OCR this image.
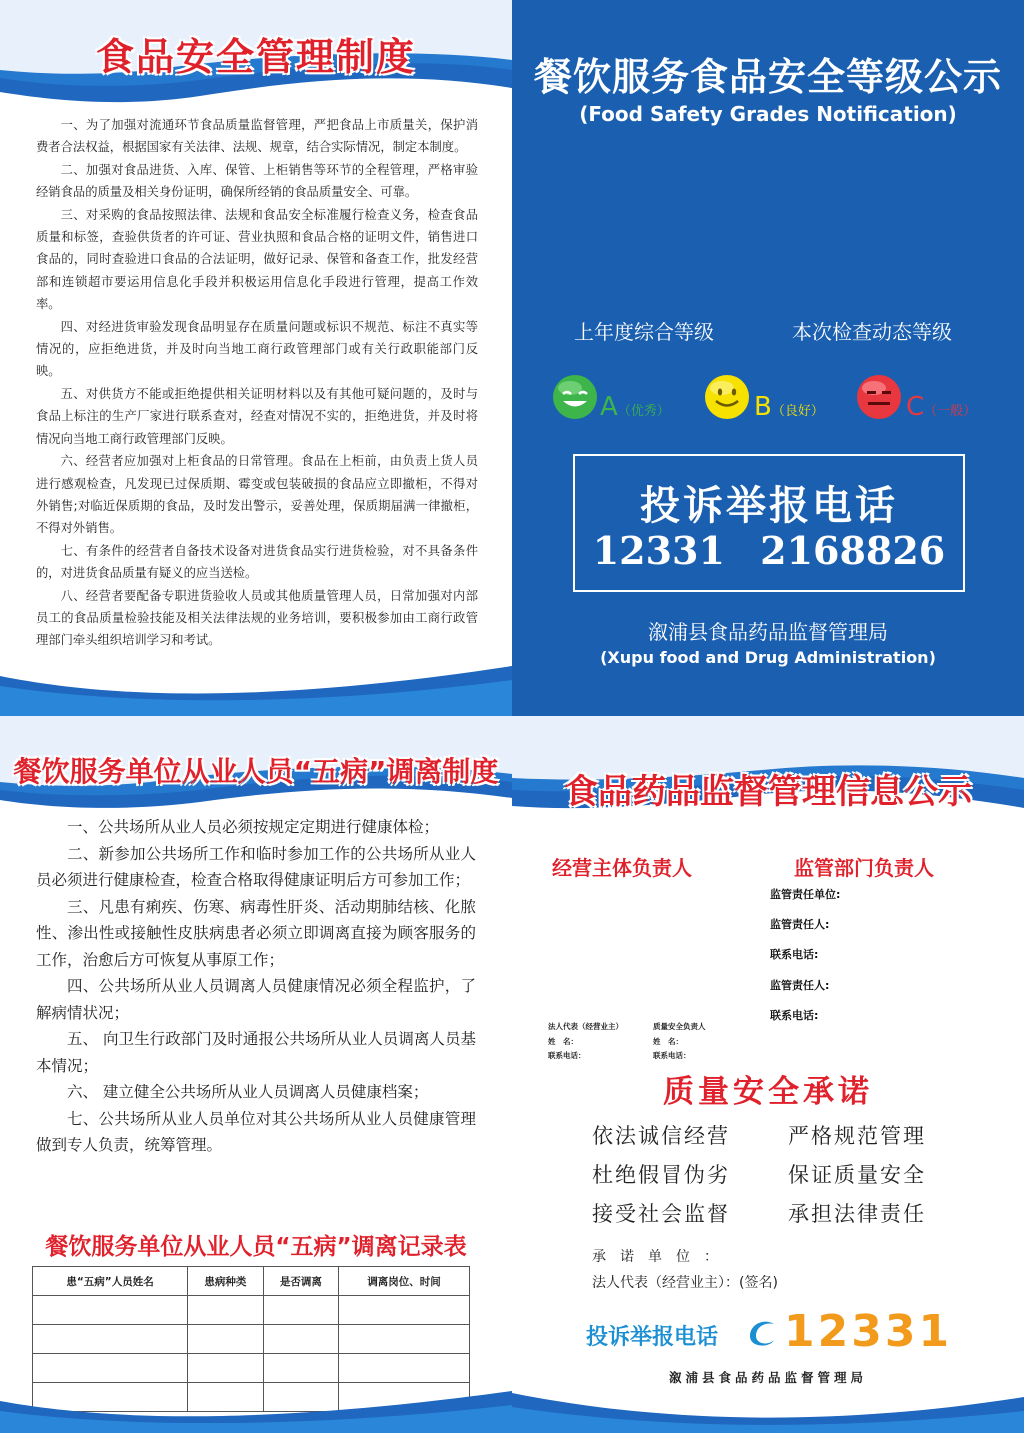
食品安全管理制度

一、为了加强对流通环节食品质量监督管理，严把食品上市质量关，保护消费者合法权益，根据国家有关法律、法规、规章，结合实际情况，制定本制度。

二、加强对食品进货、入库、保管、上柜销售等环节的全程管理，严格审验经销食品的质量及相关身份证明，确保所经销的食品质量安全、可靠。

三、对采购的食品按照法律、法规和食品安全标准履行检查义务，检查食品质量和标签，查验供货者的许可证、营业执照和食品合格的证明文件，销售进口食品的，同时查验进口食品的合法证明，做好记录、保管和备查工作，批发经营部和连锁超市要运用信息化手段并积极运用信息化手段进行管理，提高工作效率。

四、对经进货审验发现食品明显存在质量问题或标识不规范、标注不真实等情况的，应拒绝进货，并及时向当地工商行政管理部门或有关行政职能部门反映。

五、对供货方不能或拒绝提供相关证明材料以及有其他可疑问题的，及时与食品上标注的生产厂家进行联系查对，经查对情况不实的，拒绝进货，并及时将情况向当地工商行政管理部门反映。

六、经营者应加强对上柜食品的日常管理。食品在上柜前，由负责上货人员进行感观检查，凡发现已过保质期、霉变或包装破损的食品应立即撤柜，不得对外销售;对临近保质期的食品，及时发出警示，妥善处理，保质期届满一律撤柜，不得对外销售。

七、有条件的经营者自备技术设备对进货食品实行进货检验，对不具备条件的，对进货食品质量有疑义的应当送检。

八、经营者要配备专职进货验收人员或其他质量管理人员，日常加强对内部员工的食品质量检验技能及相关法律法规的业务培训，要积极参加由工商行政管理部门牵头组织培训学习和考试。

餐饮服务食品安全等级公示
(Food Safety Grades Notification)
上年度综合等级	本次检查动态等级
A（优秀）	B（良好）	C（一般）
投诉举报电话
12331 2168826
溆浦县食品药品监督管理局
(Xupu food and Drug Administration)
餐饮服务单位从业人员“五病”调离制度

一、公共场所从业人员必须按规定定期进行健康体检；

二、新参加公共场所工作和临时参加工作的公共场所从业人员必须进行健康检查，检查合格取得健康证明后方可参加工作；

三、凡患有痢疾、伤寒、病毒性肝炎、活动期肺结核、化脓性、渗出性或接触性皮肤病患者必须立即调离直接为顾客服务的工作，治愈后方可恢复从事原工作；

四、公共场所从业人员调离人员健康情况必须全程监护，了解病情状况；

五、 向卫生行政部门及时通报公共场所从业人员调离人员基本情况；

六、 建立健全公共场所从业人员调离人员健康档案；

七、公共场所从业人员单位对其公共场所从业人员健康管理做到专人负责，统筹管理。

餐饮服务单位从业人员“五病”调离记录表
患“五病”人员姓名	患病种类	是否调离	调离岗位、时间

食品药品监督管理信息公示
经营主体负责人	监管部门负责人
监管责任单位:
监管责任人:
联系电话:
监管责任人:
联系电话:
法人代表（经营业主）
姓　名：
联系电话：
质量安全负责人
姓　名：
联系电话：
质量安全承诺
依法诚信经营	严格规范管理
杜绝假冒伪劣	保证质量安全
接受社会监督	承担法律责任
承　诺　单　位　：
法人代表（经营业主）：(签名)
投诉举报电话 12331
溆浦县食品药品监督管理局
